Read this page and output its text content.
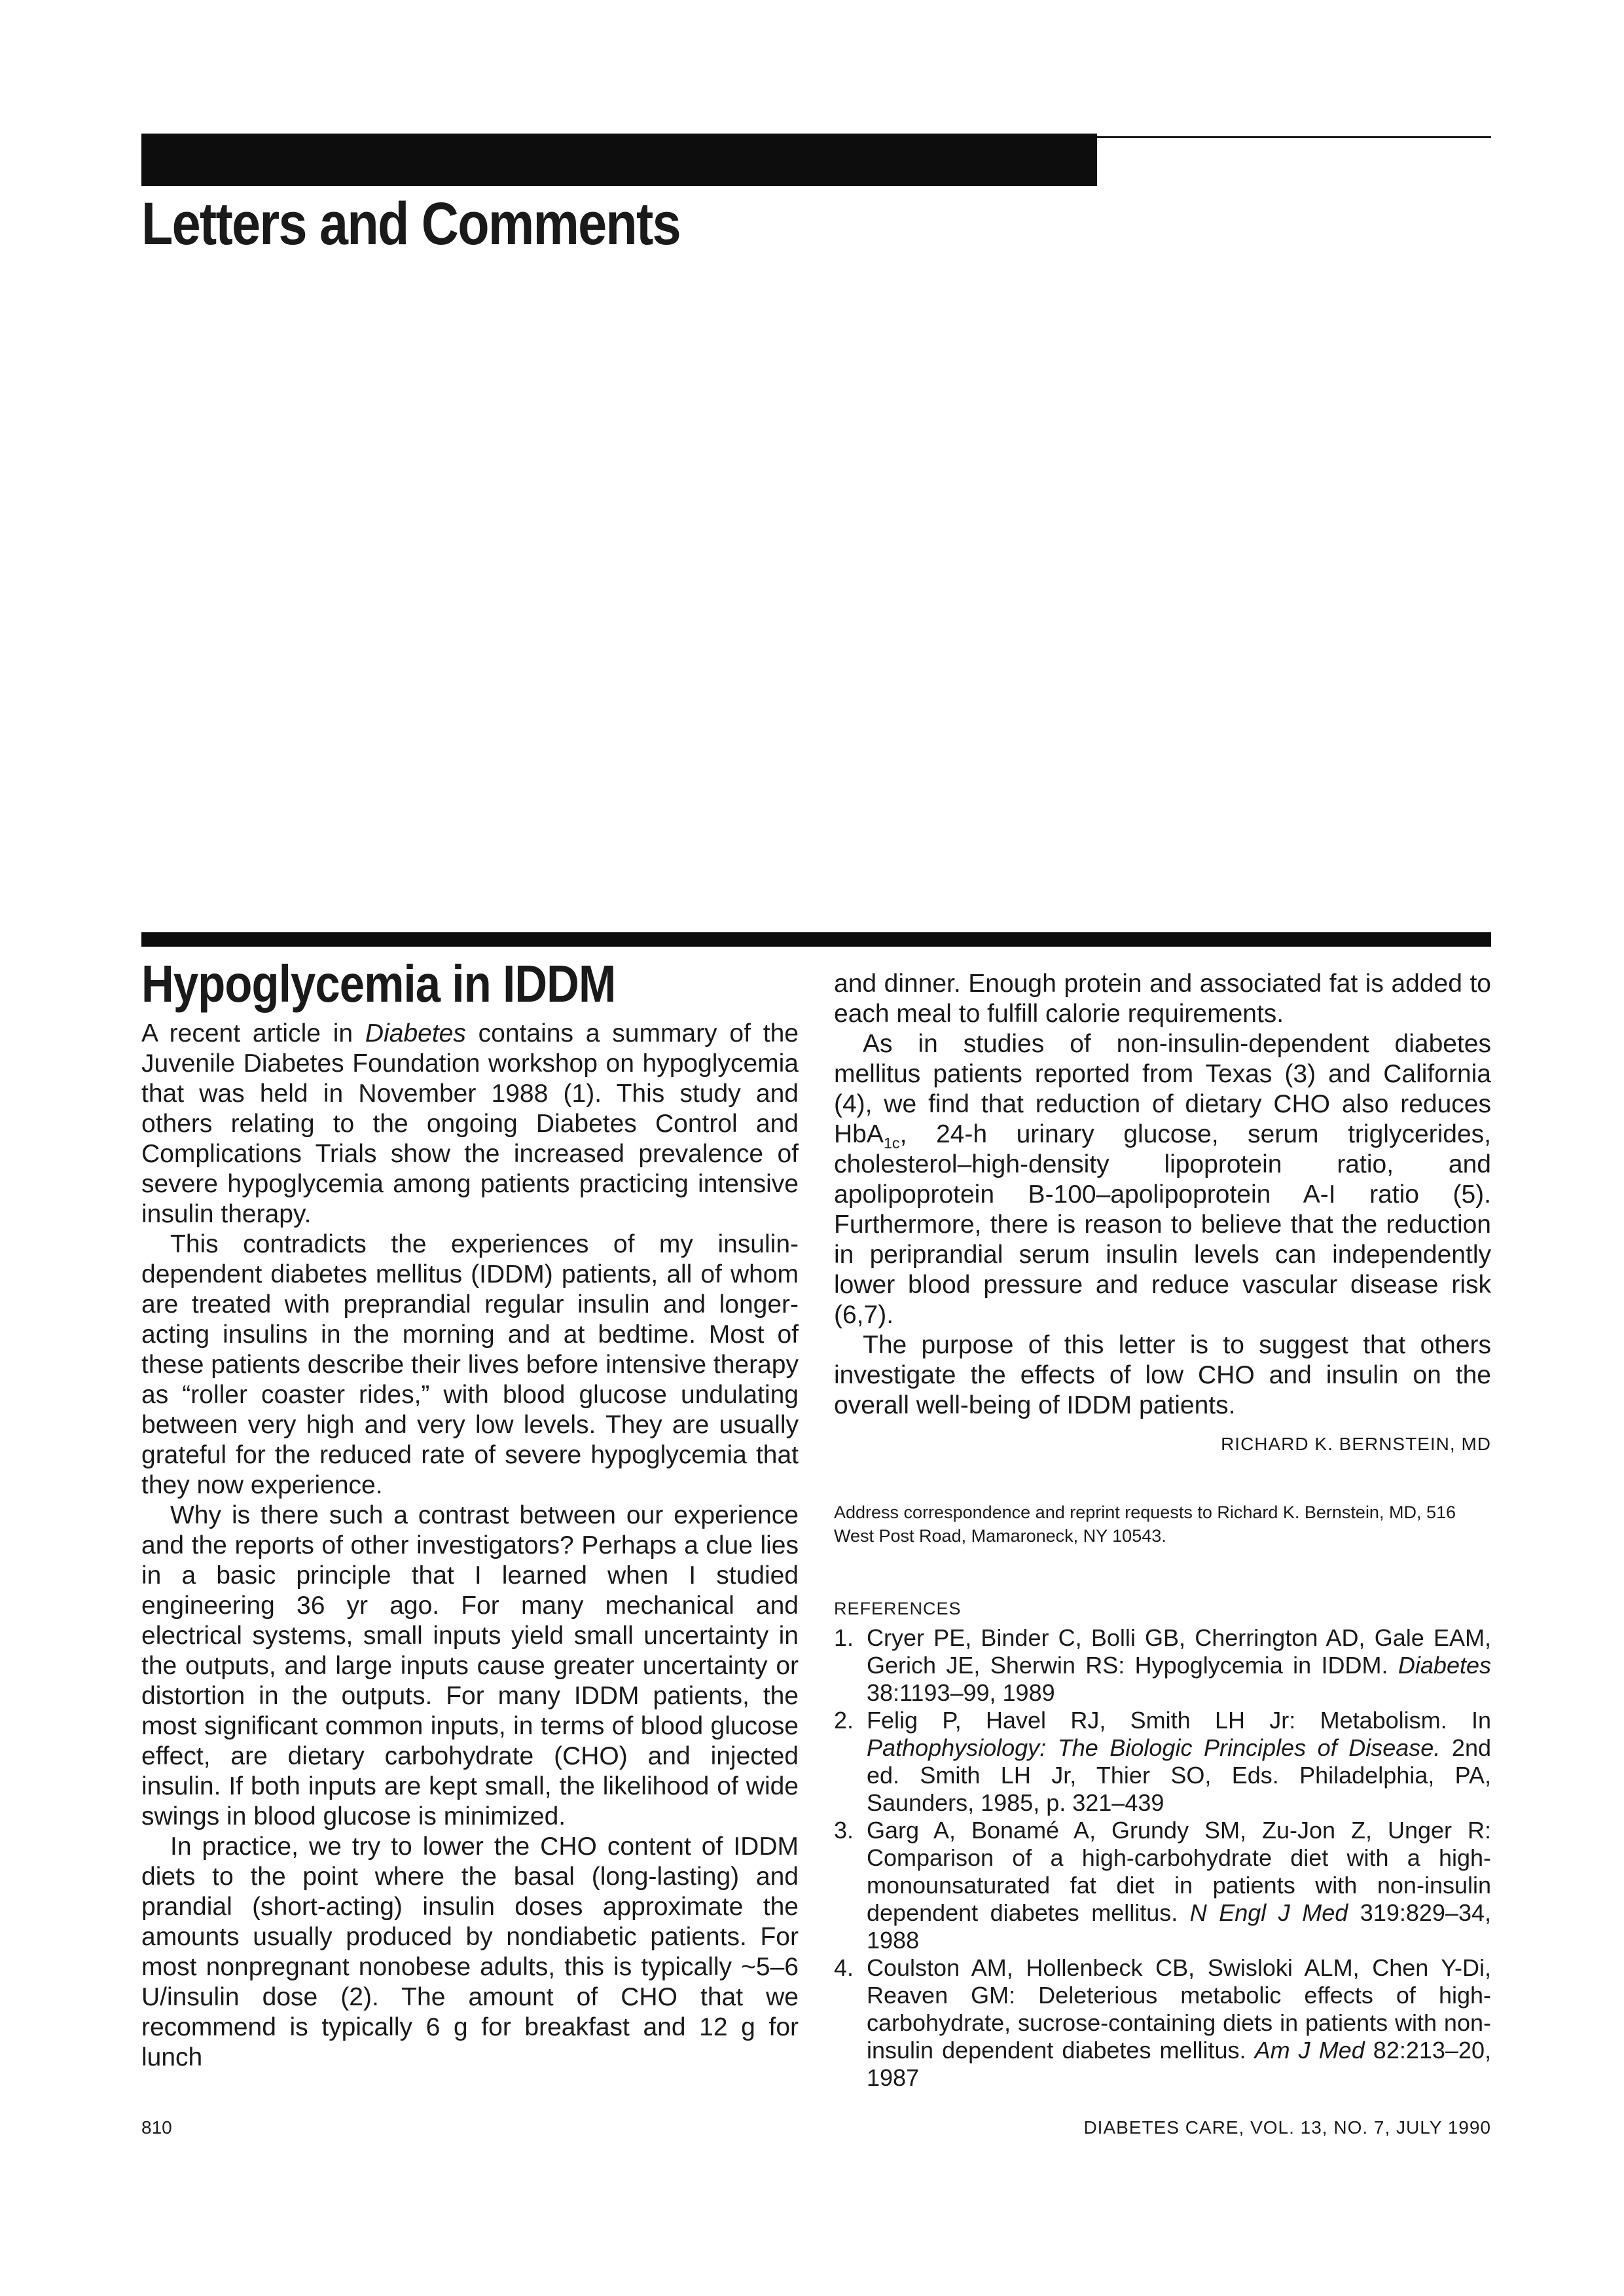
Letters and Comments
Hypoglycemia in IDDM

A recent article in Diabetes contains a summary of the Juvenile Diabetes Foundation workshop on hypoglycemia that was held in November 1988 (1). This study and others relating to the ongoing Diabetes Control and Complications Trials show the increased prevalence of severe hypoglycemia among patients practicing intensive insulin therapy.

This contradicts the experiences of my insulin-dependent diabetes mellitus (IDDM) patients, all of whom are treated with preprandial regular insulin and longer-acting insulins in the morning and at bedtime. Most of these patients describe their lives before intensive therapy as “roller coaster rides,” with blood glucose undulating between very high and very low levels. They are usually grateful for the reduced rate of severe hypoglycemia that they now experience.

Why is there such a contrast between our experience and the reports of other investigators? Perhaps a clue lies in a basic principle that I learned when I studied engineering 36 yr ago. For many mechanical and electrical systems, small inputs yield small uncertainty in the outputs, and large inputs cause greater uncertainty or distortion in the outputs. For many IDDM patients, the most significant common inputs, in terms of blood glucose effect, are dietary carbohydrate (CHO) and injected insulin. If both inputs are kept small, the likelihood of wide swings in blood glucose is minimized.

In practice, we try to lower the CHO content of IDDM diets to the point where the basal (long-lasting) and prandial (short-acting) insulin doses approximate the amounts usually produced by nondiabetic patients. For most nonpregnant nonobese adults, this is typically ~5–6 U/insulin dose (2). The amount of CHO that we recommend is typically 6 g for breakfast and 12 g for lunch

and dinner. Enough protein and associated fat is added to each meal to fulfill calorie requirements.

As in studies of non-insulin-dependent diabetes mellitus patients reported from Texas (3) and California (4), we find that reduction of dietary CHO also reduces HbA$_{1c}$, 24-h urinary glucose, serum triglycerides, cholesterol–high-density lipoprotein ratio, and apolipoprotein B-100–apolipoprotein A-I ratio (5). Furthermore, there is reason to believe that the reduction in periprandial serum insulin levels can independently lower blood pressure and reduce vascular disease risk (6,7).

The purpose of this letter is to suggest that others investigate the effects of low CHO and insulin on the overall well-being of IDDM patients.

RICHARD K. BERNSTEIN, MD

Address correspondence and reprint requests to Richard K. Bernstein, MD, 516 West Post Road, Mamaroneck, NY 10543.

REFERENCES

1. Cryer PE, Binder C, Bolli GB, Cherrington AD, Gale EAM, Gerich JE, Sherwin RS: Hypoglycemia in IDDM. Diabetes 38:1193–99, 1989
2. Felig P, Havel RJ, Smith LH Jr: Metabolism. In Pathophysiology: The Biologic Principles of Disease. 2nd ed. Smith LH Jr, Thier SO, Eds. Philadelphia, PA, Saunders, 1985, p. 321–439
3. Garg A, Bonamé A, Grundy SM, Zu-Jon Z, Unger R: Comparison of a high-carbohydrate diet with a high-monounsaturated fat diet in patients with non-insulin dependent diabetes mellitus. N Engl J Med 319:829–34, 1988
4. Coulston AM, Hollenbeck CB, Swisloki ALM, Chen Y-Di, Reaven GM: Deleterious metabolic effects of high-carbohydrate, sucrose-containing diets in patients with non-insulin dependent diabetes mellitus. Am J Med 82:213–20, 1987

810	DIABETES CARE, VOL. 13, NO. 7, JULY 1990
